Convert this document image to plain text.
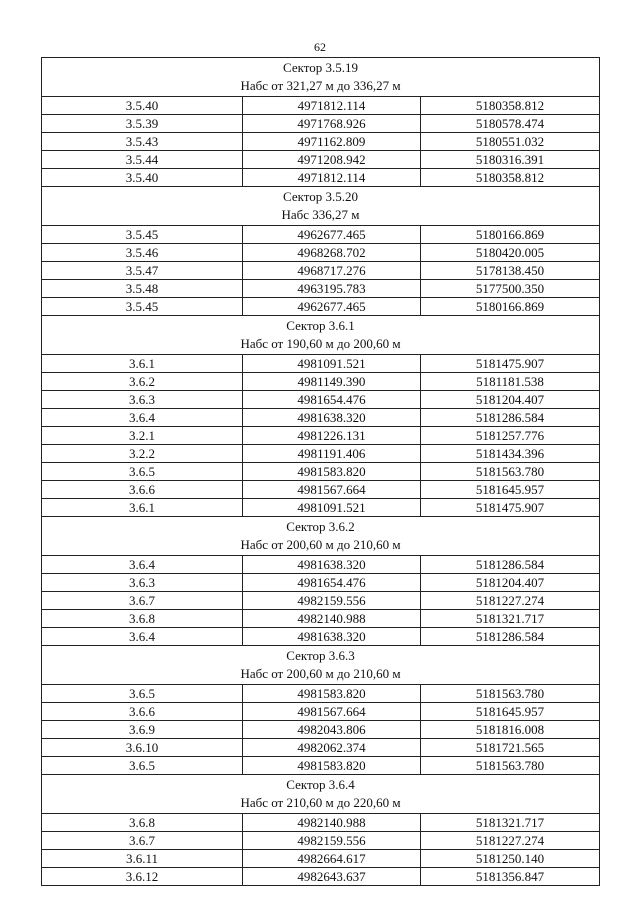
62
Сектор 3.5.19
Набс от 321,27 м до 336,27 м		

3.5.40	4971812.114	5180358.812
3.5.39	4971768.926	5180578.474
3.5.43	4971162.809	5180551.032
3.5.44	4971208.942	5180316.391
3.5.40	4971812.114	5180358.812

Сектор 3.5.20
Набс 336,27 м		

3.5.45	4962677.465	5180166.869
3.5.46	4968268.702	5180420.005
3.5.47	4968717.276	5178138.450
3.5.48	4963195.783	5177500.350
3.5.45	4962677.465	5180166.869

Сектор 3.6.1
Набс от 190,60 м до 200,60 м		

3.6.1	4981091.521	5181475.907
3.6.2	4981149.390	5181181.538
3.6.3	4981654.476	5181204.407
3.6.4	4981638.320	5181286.584
3.2.1	4981226.131	5181257.776
3.2.2	4981191.406	5181434.396
3.6.5	4981583.820	5181563.780
3.6.6	4981567.664	5181645.957
3.6.1	4981091.521	5181475.907

Сектор 3.6.2
Набс от 200,60 м до 210,60 м		

3.6.4	4981638.320	5181286.584
3.6.3	4981654.476	5181204.407
3.6.7	4982159.556	5181227.274
3.6.8	4982140.988	5181321.717
3.6.4	4981638.320	5181286.584

Сектор 3.6.3
Набс от 200,60 м до 210,60 м		

3.6.5	4981583.820	5181563.780
3.6.6	4981567.664	5181645.957
3.6.9	4982043.806	5181816.008
3.6.10	4982062.374	5181721.565
3.6.5	4981583.820	5181563.780

Сектор 3.6.4
Набс от 210,60 м до 220,60 м		

3.6.8	4982140.988	5181321.717
3.6.7	4982159.556	5181227.274
3.6.11	4982664.617	5181250.140
3.6.12	4982643.637	5181356.847
